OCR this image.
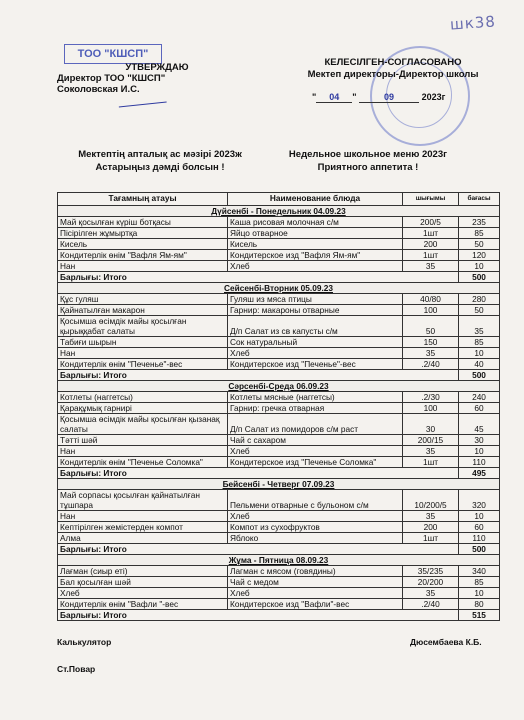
шк38
ТОО "КШСП"
УТВЕРЖДАЮ
Директор ТОО "КШСП"
Соколовская И.С.
КЕЛЕСІЛГЕН-СОГЛАСОВАНО
Мектеп директоры-Директор школы
" 04 "	09	2023г
Мектептің апталық ас мәзірі 2023ж
Астарыңыз дәмді болсын !
Недельное школьное меню 2023г
Приятного аппетита !
Тағамның атауы	Наименование блюда	шығымы	бағасы
Дүйсенбі - Понедельник 04.09.23			
Май қосылған күріш ботқасы	Каша рисовая молочная с/м	200/5	235
Пісірілген жұмыртқа	Яйцо отварное	1шт	85
Кисель	Кисель	200	50
Кондитерлік өнім "Вафля Ям-ям"	Кондитерское изд "Вафля Ям-ям"	1шт	120
Нан	Хлеб	35	10
Барлығы: Итого			500
Сейсенбі-Вторник 05.09.23			
Құс гуляш	Гуляш из мяса птицы	40/80	280
Қайнатылған макарон	Гарнир: макароны отварные	100	50
Қосымша өсімдік майы қосылған қырыққабат салаты	Д/п Салат из св капусты с/м	50	35
Табиғи шырын	Сок натуральный	150	85
Нан	Хлеб	35	10
Кондитерлік өнім "Печенье"-вес	Кондитерское изд "Печенье"-вес	.2/40	40
Барлығы: Итого			500
Сәрсенбі-Среда 06.09.23			
Котлеты (наггетсы)	Котлеты мясные (наггетсы)	.2/30	240
Қарақұмық гарнирі	Гарнир: гречка отварная	100	60
Қосымша өсімдік майы қосылған қызанақ салаты	Д/п Салат из помидоров с/м раст	30	45
Тәтті шәй	Чай с сахаром	200/15	30
Нан	Хлеб	35	10
Кондитерлік өнім "Печенье Соломка"	Кондитерское изд "Печенье Соломка"	1шт	110
Барлығы: Итого			495
Бейсенбі - Четверг 07.09.23			
Май сорпасы қосылған қайнатылған тұшпара	Пельмени отварные с бульоном с/м	10/200/5	320
Нан	Хлеб	35	10
Кептірілген жемістерден компот	Компот из сухофруктов	200	60
Алма	Яблоко	1шт	110
Барлығы: Итого			500
Жұма - Пятница 08.09.23			
Лағман (сиыр еті)	Лагман с мясом (говядины)	35/235	340
Бал қосылған шәй	Чай с медом	20/200	85
Хлеб	Хлеб	35	10
Кондитерлік өнім "Вафли "-вес	Кондитерское изд "Вафли"-вес	.2/40	80
Барлығы: Итого			515
Калькулятор	Дюсембаева К.Б.
Ст.Повар
